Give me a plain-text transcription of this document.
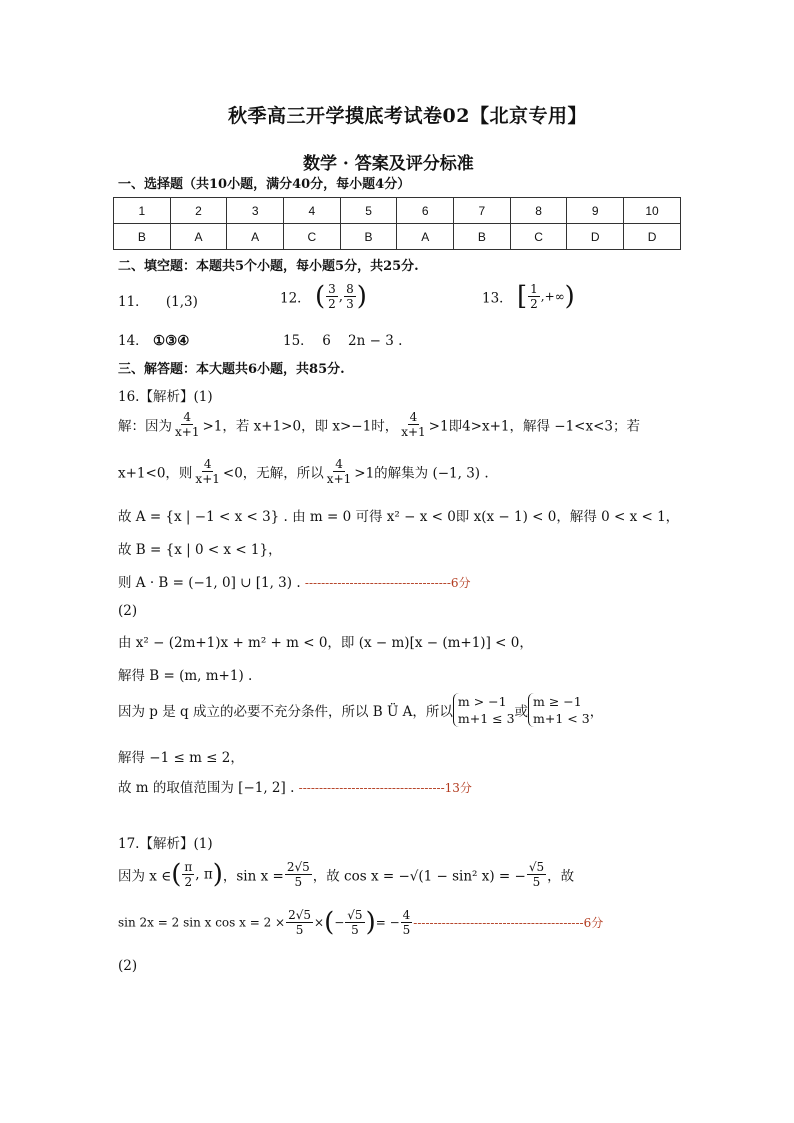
秋季高三开学摸底考试卷02【北京专用】
数学 · 答案及评分标准
一、选择题（共10小题，满分40分，每小题4分）
1	2	3	4	5	6	7	8	9	10
B	A	A	C	B	A	B	C	D	D
二、填空题：本题共5个小题，每小题5分，共25分.
11． (1,3)	12． ( $\frac{3}{2}$ , $\frac{8}{3}$ )	13． [ $\frac{1}{2}$ ,+∞)
14． ①③④	15． 6 2n − 3 .
三、解答题：本大题共6小题，共85分.
16.【解析】(1)
解：因为 $\frac{4}{x+1} >1$，若 x+1>0，即 x>−1时， $\frac{4}{x+1} >1$即4>x+1，解得 −1<x<3；若
x+1<0，则 $\frac{4}{x+1} <0$，无解，所以 $\frac{4}{x+1} >1$的解集为 (−1, 3) .
故 A = {x | −1 < x < 3} . 由 m = 0 可得 x² − x < 0即 x(x − 1) < 0，解得 0 < x < 1，
故 B = {x | 0 < x < 1}，
则 A · B = (−1, 0] ∪ [1, 3) . ------------------------------------6分
(2)
由 x² − (2m+1)x + m² + m < 0，即 (x − m)[x − (m+1)] < 0，
解得 B = (m, m+1) .
因为 p 是 q 成立的必要不充分条件，所以 B Ü A，所以
m > −1
m+1 ≤ 3 或
m ≥ −1
m+1 < 3 ，
解得 −1 ≤ m ≤ 2，
故 m 的取值范围为 [−1, 2] . ------------------------------------13分
17.【解析】(1)
因为 x ∈( $\frac{\pi}{2}$ , π)，$\sin x = \frac{2√5}{5}$ ，故 cos x = −√(1 − sin² x) = − $\frac{√5}{5}$ ，故
sin 2x = 2 sin x $\cos x = 2 \times \frac{2√5}{5}$ ×(− $\frac{√5}{5}$ )= − $\frac{4}{5} ------------------------------------------6$分
(2)
